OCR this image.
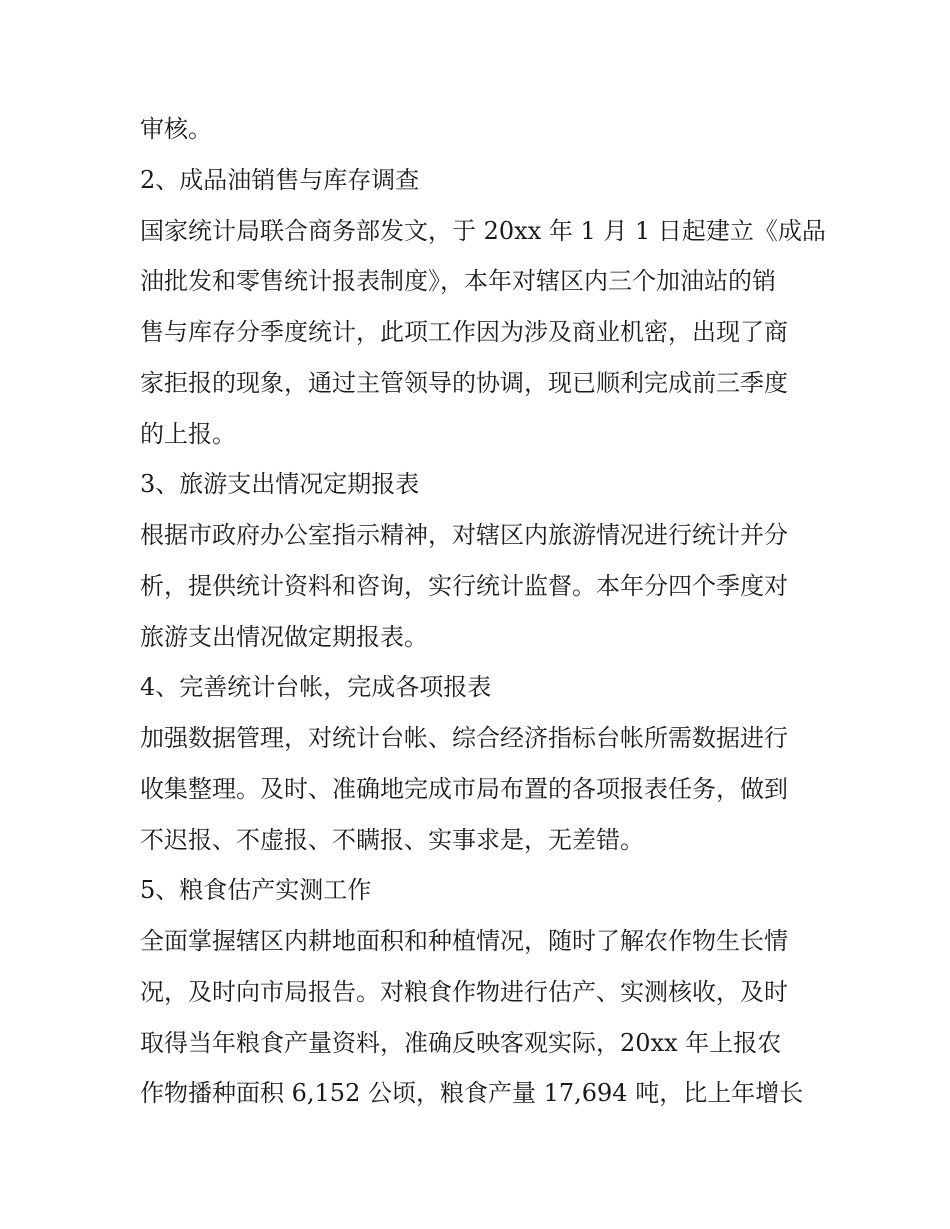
审核。

2、成品油销售与库存调查

国家统计局联合商务部发文，于 20xx 年 1 月 1 日起建立《成品

油批发和零售统计报表制度》，本年对辖区内三个加油站的销

售与库存分季度统计，此项工作因为涉及商业机密，出现了商

家拒报的现象，通过主管领导的协调，现已顺利完成前三季度

的上报。

3、旅游支出情况定期报表

根据市政府办公室指示精神，对辖区内旅游情况进行统计并分

析，提供统计资料和咨询，实行统计监督。本年分四个季度对

旅游支出情况做定期报表。

4、完善统计台帐，完成各项报表

加强数据管理，对统计台帐、综合经济指标台帐所需数据进行

收集整理。及时、准确地完成市局布置的各项报表任务，做到

不迟报、不虚报、不瞒报、实事求是，无差错。

5、粮食估产实测工作

全面掌握辖区内耕地面积和种植情况，随时了解农作物生长情

况，及时向市局报告。对粮食作物进行估产、实测核收，及时

取得当年粮食产量资料，准确反映客观实际，20xx 年上报农

作物播种面积 6,152 公顷，粮食产量 17,694 吨，比上年增长
